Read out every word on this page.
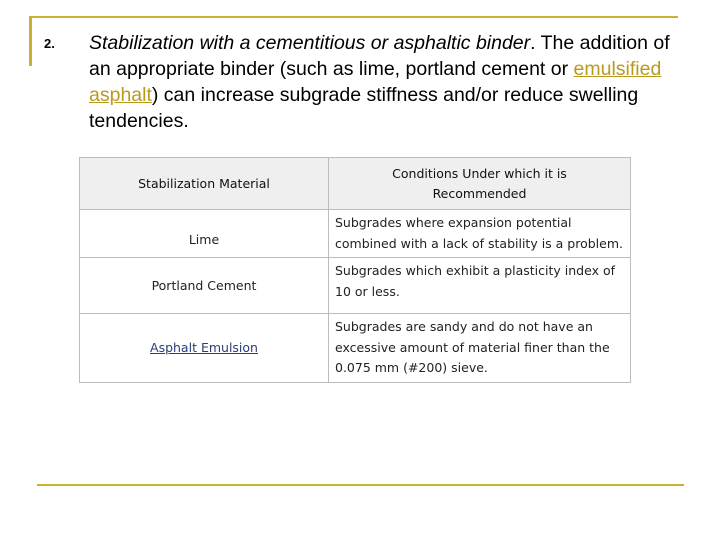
2. Stabilization with a cementitious or asphaltic binder. The addition of an appropriate binder (such as lime, portland cement or emulsified asphalt) can increase subgrade stiffness and/or reduce swelling tendencies.
Stabilization Material	Conditions Under which it is Recommended
Lime	Subgrades where expansion potential combined with a lack of stability is a problem.
Portland Cement	Subgrades which exhibit a plasticity index of 10 or less.
Asphalt Emulsion	Subgrades are sandy and do not have an excessive amount of material finer than the 0.075 mm (#200) sieve.
